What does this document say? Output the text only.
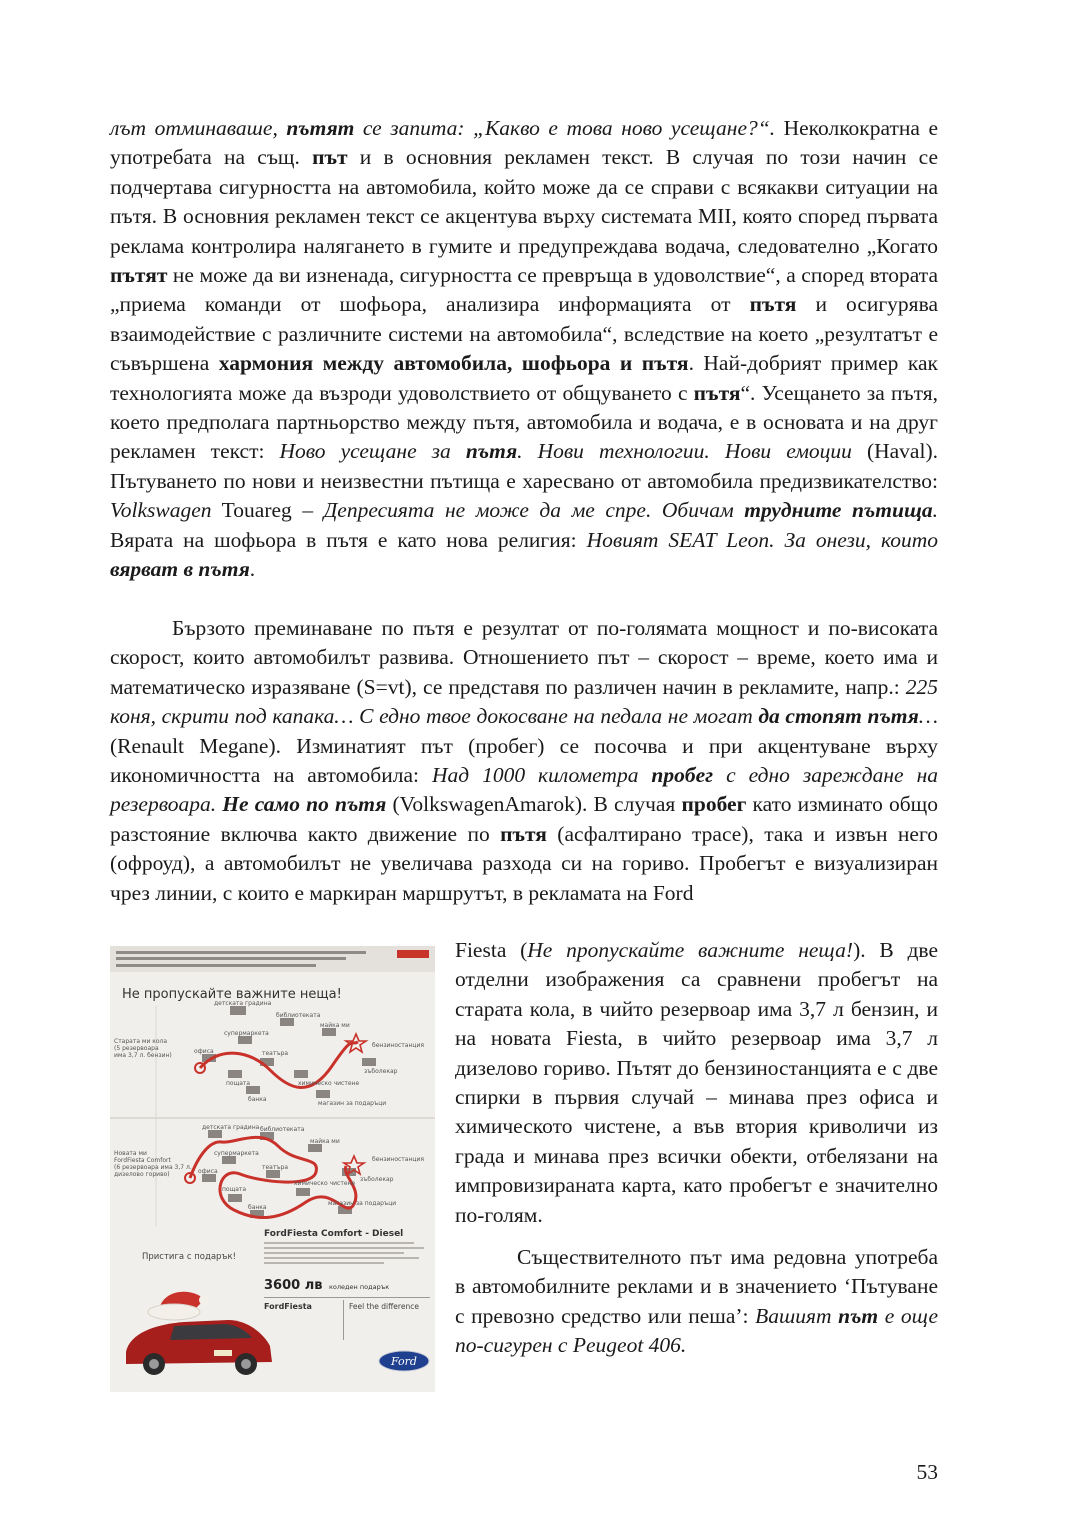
лът отминаваше, пътят се запита: „Какво е това ново усещане?“. Неколкократна е употребата на същ. път и в основния рекламен текст. В случая по този начин се подчертава сигурността на автомобила, който може да се справи с всякакви ситуации на пътя. В основния рекламен текст се акцентува върху системата MII, която според първата реклама контролира налягането в гумите и предупреждава водача, следователно „Когато пътят не може да ви изненада, сигурността се превръща в удоволствие“, а според втората „приема команди от шофьора, анализира информацията от пътя и осигурява взаимодействие с различните системи на автомобила“, вследствие на което „резултатът е съвършена хармония между автомобила, шофьора и пътя. Най-добрият пример как технологията може да възроди удоволствието от общуването с пътя“. Усещането за пътя, което предполага партньорство между пътя, автомобила и водача, е в основата и на друг рекламен текст: Ново усещане за пътя. Нови технологии. Нови емоции (Haval). Пътуването по нови и неизвестни пътища е харесвано от автомобила предизвикателство: Volkswagen Touareg – Депресията не може да ме спре. Обичам трудните пътища. Вярата на шофьора в пътя е като нова религия: Новият SEAT Leon. За онези, които вярват в пътя.
Бързото преминаване по пътя е резултат от по-голямата мощност и по-високата скорост, които автомобилът развива. Отношението път – скорост – време, което има и математическо изразяване (S=vt), се представя по различен начин в рекламите, напр.: 225 коня, скрити под капака… С едно твое докосване на педала не могат да стопят пътя… (Renault Megane). Изминатият път (пробег) се посочва и при акцентуване върху икономичността на автомобила: Над 1000 километра пробег с едно зареждане на резервоара. Не само по пътя (VolkswagenAmarok). В случая пробег като изминато общо разстояние включва както движение по пътя (асфалтирано трасе), така и извън него (офроуд), а автомобилът не увеличава разхода си на гориво. Пробегът е визуализиран чрез линии, с които е маркиран маршрутът, в рекламата на Ford
Fiesta (Не пропускайте важните неща!). В две отделни изображения са сравнени пробегът на старата кола, в чийто резервоар има 3,7 л бензин, и на новата Fiesta, в чийто резервоар има 3,7 л дизелово гориво. Пътят до бензиностанцията е с две спирки в първия случай – минава през офиса и химическото чистене, а във втория криволичи из града и минава през всички обекти, отбелязани на импровизираната карта, като пробегът е значително по-голям.
Съществителното път има редовна употреба в автомобилните реклами и в значението ‘Пътуване с превозно средство или пеша’: Вашият път е още по-сигурен с Peugeot 406.
Не пропускайте важните неща!
Старата ми кола
(5 резервоара
има 3,7 л. бензин)
Новата ми
FordFiesta Comfort
(6 резервоара има 3,7 л.
дизелово гориво)
детската градина
библиотеката
майка ми
супермаркета
офиса	театъра
бензиностанция
пощата	химическо чистене
зъболекар
банка
магазин за подаръци
детската градина библиотеката
майка ми
супермаркета
офиса
театъра
бензиностанция
пощата
химическо чистене
зъболекар
банка
магазин за подаръци
FordFiesta Comfort - Diesel
Пристига с подарък!
3600 лв коледен подарък
FordFiesta	Feel the difference
Ford
53
